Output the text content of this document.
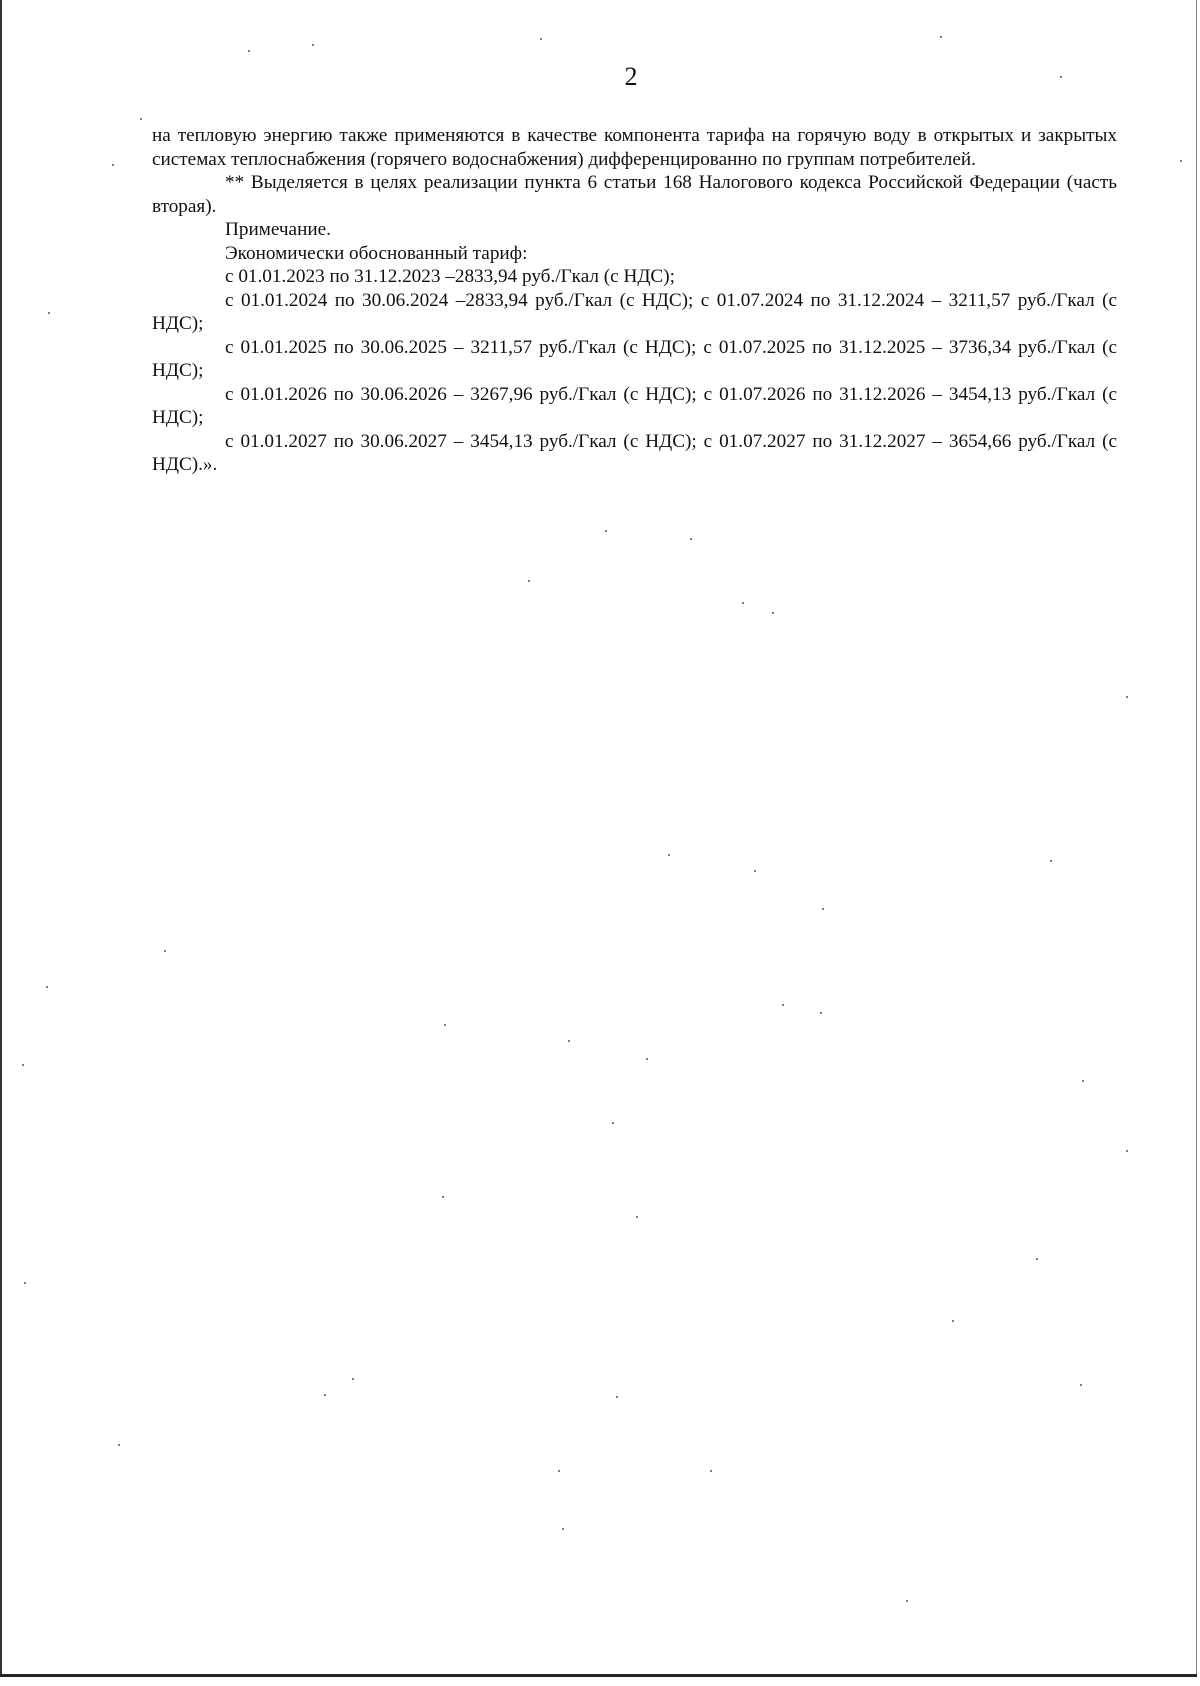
2

на тепловую энергию также применяются в качестве компонента тарифа на горячую воду в открытых и закрытых системах теплоснабжения (горячего водоснабжения) дифференцированно по группам потребителей.

** Выделяется в целях реализации пункта 6 статьи 168 Налогового кодекса Российской Федерации (часть вторая).

Примечание.

Экономически обоснованный тариф:

с 01.01.2023 по 31.12.2023 –2833,94 руб./Гкал (с НДС);

с 01.01.2024 по 30.06.2024 –2833,94 руб./Гкал (с НДС); с 01.07.2024 по 31.12.2024 – 3211,57 руб./Гкал (с НДС);

с 01.01.2025 по 30.06.2025 – 3211,57 руб./Гкал (с НДС); с 01.07.2025 по 31.12.2025 – 3736,34 руб./Гкал (с НДС);

с 01.01.2026 по 30.06.2026 – 3267,96 руб./Гкал (с НДС); с 01.07.2026 по 31.12.2026 – 3454,13 руб./Гкал (с НДС);

с 01.01.2027 по 30.06.2027 – 3454,13 руб./Гкал (с НДС); с 01.07.2027 по 31.12.2027 – 3654,66 руб./Гкал (с НДС).».
